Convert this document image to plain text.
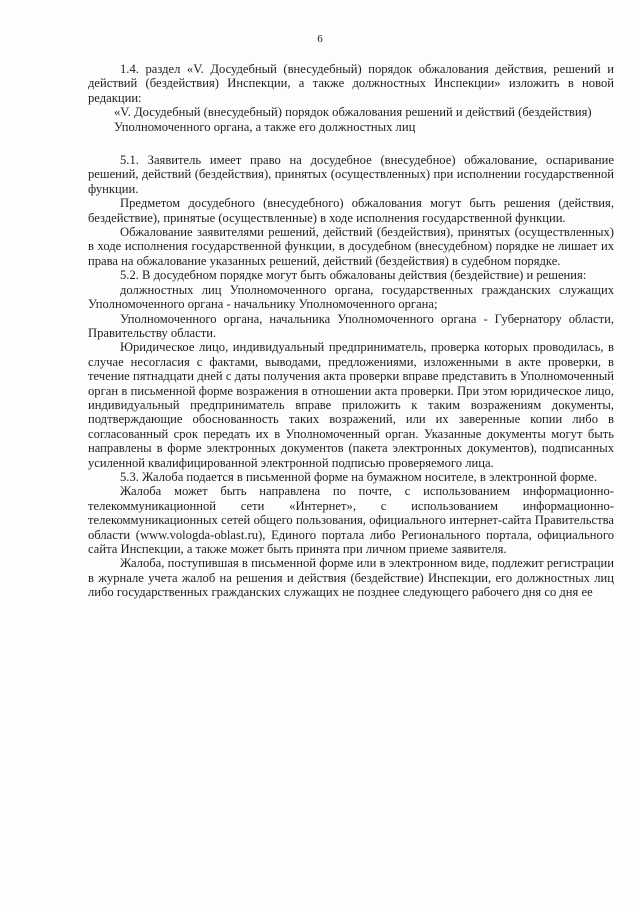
6

1.4. раздел «V. Досудебный (внесудебный) порядок обжалования действия, решений и действий (бездействия) Инспекции, а также должностных Инспекции» изложить в новой редакции:

«V. Досудебный (внесудебный) порядок обжалования решений и действий (бездействия) Уполномоченного органа, а также его должностных лиц

5.1. Заявитель имеет право на досудебное (внесудебное) обжалование, оспаривание решений, действий (бездействия), принятых (осуществленных) при исполнении государственной функции.

Предметом досудебного (внесудебного) обжалования могут быть решения (действия, бездействие), принятые (осуществленные) в ходе исполнения государственной функции.

Обжалование заявителями решений, действий (бездействия), принятых (осуществленных) в ходе исполнения государственной функции, в досудебном (внесудебном) порядке не лишает их права на обжалование указанных решений, действий (бездействия) в судебном порядке.

5.2. В досудебном порядке могут быть обжалованы действия (бездействие) и решения:

должностных лиц Уполномоченного органа, государственных гражданских служащих Уполномоченного органа - начальнику Уполномоченного органа;

Уполномоченного органа, начальника Уполномоченного органа - Губернатору области, Правительству области.

Юридическое лицо, индивидуальный предприниматель, проверка которых проводилась, в случае несогласия с фактами, выводами, предложениями, изложенными в акте проверки, в течение пятнадцати дней с даты получения акта проверки вправе представить в Уполномоченный орган в письменной форме возражения в отношении акта проверки. При этом юридическое лицо, индивидуальный предприниматель вправе приложить к таким возражениям документы, подтверждающие обоснованность таких возражений, или их заверенные копии либо в согласованный срок передать их в Уполномоченный орган. Указанные документы могут быть направлены в форме электронных документов (пакета электронных документов), подписанных усиленной квалифицированной электронной подписью проверяемого лица.

5.3. Жалоба подается в письменной форме на бумажном носителе, в электронной форме.

Жалоба может быть направлена по почте, с использованием информационно-телекоммуникационной сети «Интернет», с использованием информационно-телекоммуникационных сетей общего пользования, официального интернет-сайта Правительства области (www.vologda-oblast.ru), Единого портала либо Регионального портала, официального сайта Инспекции, а также может быть принята при личном приеме заявителя.

Жалоба, поступившая в письменной форме или в электронном виде, подлежит регистрации в журнале учета жалоб на решения и действия (бездействие) Инспекции, его должностных лиц либо государственных гражданских служащих не позднее следующего рабочего дня со дня ее
